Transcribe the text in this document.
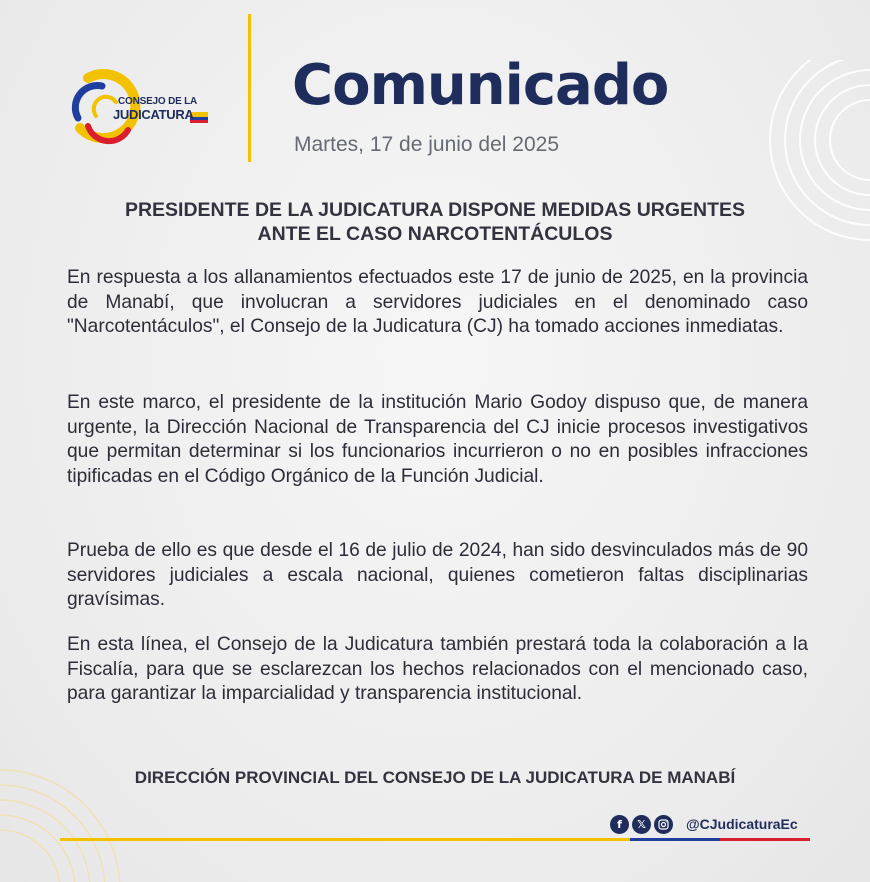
CONSEJO DE LA
JUDICATURA Comunicado
Martes, 17 de junio del 2025
PRESIDENTE DE LA JUDICATURA DISPONE MEDIDAS URGENTES
ANTE EL CASO NARCOTENTÁCULOS

En respuesta a los allanamientos efectuados este 17 de junio de 2025, en la provincia de Manabí, que involucran a servidores judiciales en el denominado caso "Narcotentáculos", el Consejo de la Judicatura (CJ) ha tomado acciones inmediatas.

En este marco, el presidente de la institución Mario Godoy dispuso que, de manera urgente, la Dirección Nacional de Transparencia del CJ inicie procesos investigativos que permitan determinar si los funcionarios incurrieron o no en posibles infracciones tipificadas en el Código Orgánico de la Función Judicial.

Prueba de ello es que desde el 16 de julio de 2024, han sido desvinculados más de 90 servidores judiciales a escala nacional, quienes cometieron faltas disciplinarias gravísimas.

En esta línea, el Consejo de la Judicatura también prestará toda la colaboración a la Fiscalía, para que se esclarezcan los hechos relacionados con el mencionado caso, para garantizar la imparcialidad y transparencia institucional.

DIRECCIÓN PROVINCIAL DEL CONSEJO DE LA JUDICATURA DE MANABÍ
f	𝕏	@CJudicaturaEc
